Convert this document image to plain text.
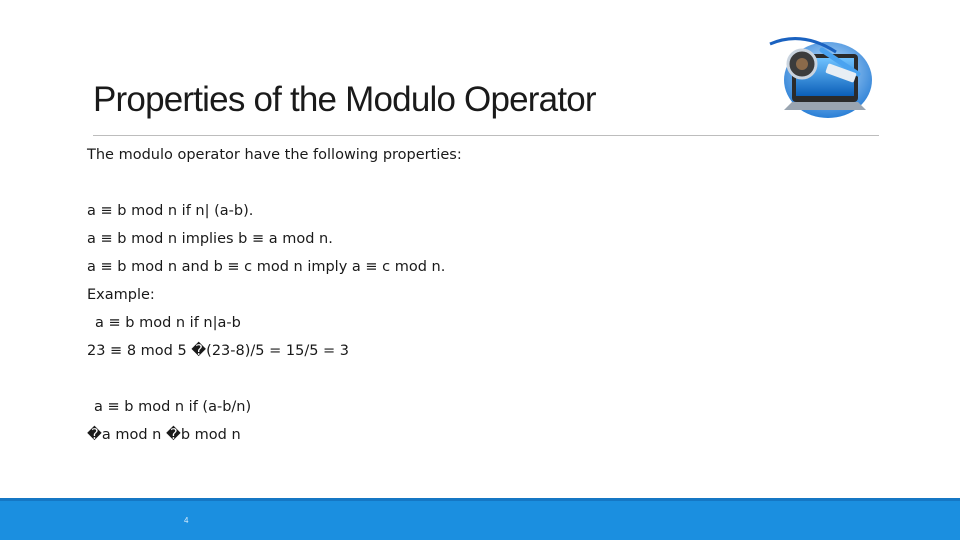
Properties of the Modulo Operator
The modulo operator have the following properties:
a ≡ b mod n if n| (a-b).
a ≡ b mod n implies b ≡ a mod n.
a ≡ b mod n and b ≡ c mod n imply a ≡ c mod n.
Example:
a ≡ b mod n if n|a-b
23 ≡ 8 mod 5 �(23-8)/5 = 15/5 = 3
a ≡ b mod n if (a-b/n)
�a mod n �b mod n
4
